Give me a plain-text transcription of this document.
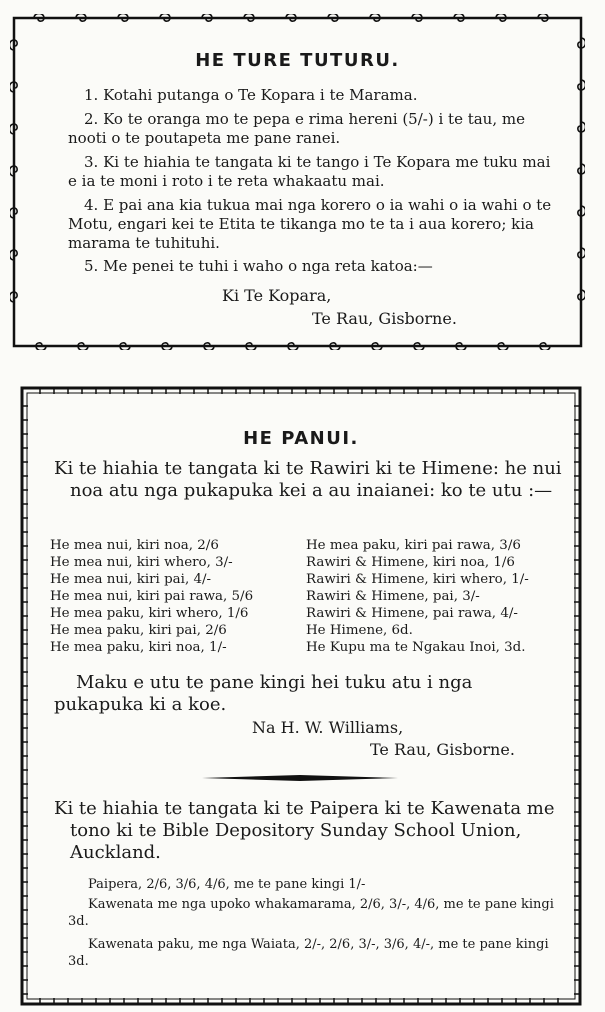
HE TURE TUTURU.

1. Kotahi putanga o Te Kopara i te Marama.

2. Ko te oranga mo te pepa e rima hereni (5/-) i te tau, me nooti o te poutapeta me pane ranei.

3. Ki te hiahia te tangata ki te tango i Te Kopara me tuku mai e ia te moni i roto i te reta whakaatu mai.

4. E pai ana kia tukua mai nga korero o ia wahi o ia wahi o te Motu, engari kei te Etita te tikanga mo te ta i aua korero; kia marama te tuhituhi.

5. Me penei te tuhi i waho o nga reta katoa:—

Ki Te Kopara,

Te Rau, Gisborne.

HE PANUI.

Ki te hiahia te tangata ki te Rawiri ki te Himene: he nui noa atu nga pukapuka kei a au inaianei: ko te utu :—

He mea nui, kiri noa, 2/6
He mea nui, kiri whero, 3/-
He mea nui, kiri pai, 4/-
He mea nui, kiri pai rawa, 5/6
He mea paku, kiri whero, 1/6
He mea paku, kiri pai, 2/6
He mea paku, kiri noa, 1/-
He mea paku, kiri pai rawa, 3/6
Rawiri & Himene, kiri noa, 1/6
Rawiri & Himene, kiri whero, 1/-
Rawiri & Himene, pai, 3/-
Rawiri & Himene, pai rawa, 4/-
He Himene, 6d.
He Kupu ma te Ngakau Inoi, 3d.

Maku e utu te pane kingi hei tuku atu i nga pukapuka ki a koe.

Na H. W. Williams,

Te Rau, Gisborne.

Ki te hiahia te tangata ki te Paipera ki te Kawenata me tono ki te Bible Depository Sunday School Union, Auckland.

Paipera, 2/6, 3/6, 4/6, me te pane kingi 1/-

Kawenata me nga upoko whakamarama, 2/6, 3/-, 4/6, me te pane kingi 3d.

Kawenata paku, me nga Waiata, 2/-, 2/6, 3/-, 3/6, 4/-, me te pane kingi 3d.
